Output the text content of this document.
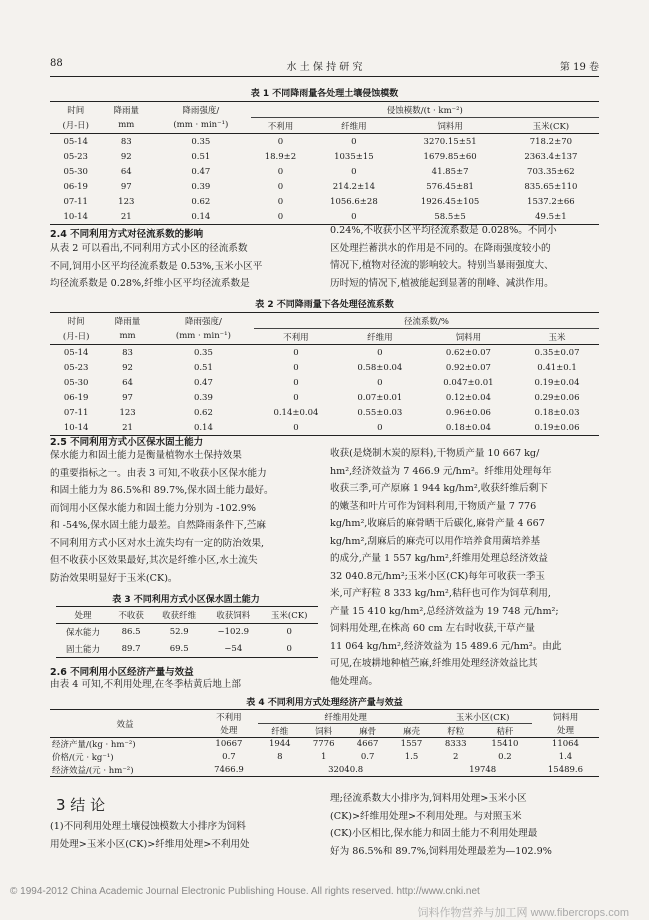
88	水 土 保 持 研 究	第 19 卷
表 1 不同降雨量各处理土壤侵蚀模数
时间	降雨量	降雨强度/	侵蚀模数/(t · km⁻²)			
(月-日)	mm	(mm · min⁻¹)	不利用	纤维用	饲料用	玉米(CK)
05-14	83	0.35	0	0	3270.15±51	718.2±70
05-23	92	0.51	18.9±2	1035±15	1679.85±60	2363.4±137
05-30	64	0.47	0	0	41.85±7	703.35±62
06-19	97	0.39	0	214.2±14	576.45±81	835.65±110
07-11	123	0.62	0	1056.6±28	1926.45±105	1537.2±66
10-14	21	0.14	0	0	58.5±5	49.5±1
2.4 不同利用方式对径流系数的影响

从表 2 可以看出,不同利用方式小区的径流系数

不同,饲用小区平均径流系数是 0.53%,玉米小区平

均径流系数是 0.28%,纤维小区平均径流系数是

0.24%,不收获小区平均径流系数是 0.028%。不同小

区处理拦蓄洪水的作用是不同的。在降雨强度较小的

情况下,植物对径流的影响较大。特别当暴雨强度大、

历时短的情况下,植被能起到显著的削峰、减洪作用。

表 2 不同降雨量下各处理径流系数
时间	降雨量	降雨强度/	径流系数/%			
(月-日)	mm	(mm · min⁻¹)	不利用	纤维用	饲料用	玉米
05-14	83	0.35	0	0	0.62±0.07	0.35±0.07
05-23	92	0.51	0	0.58±0.04	0.92±0.07	0.41±0.1
05-30	64	0.47	0	0	0.047±0.01	0.19±0.04
06-19	97	0.39	0	0.07±0.01	0.12±0.04	0.29±0.06
07-11	123	0.62	0.14±0.04	0.55±0.03	0.96±0.06	0.18±0.03
10-14	21	0.14	0	0	0.18±0.04	0.19±0.06
2.5 不同利用方式小区保水固土能力

保水能力和固土能力是衡量植物水土保持效果

的重要指标之一。由表 3 可知,不收获小区保水能力

和固土能力为 86.5%和 89.7%,保水固土能力最好。

而饲用小区保水能力和固土能力分别为 -102.9%

和 -54%,保水固土能力最差。自然降雨条件下,苎麻

不同利用方式小区对水土流失均有一定的防治效果,

但不收获小区效果最好,其次是纤维小区,水土流失

防治效果明显好于玉米(CK)。

表 3 不同利用方式小区保水固土能力
处理	不收获	收获纤维	收获饲料	玉米(CK)
保水能力	86.5	52.9	−102.9	0
固土能力	89.7	69.5	−54	0
2.6 不同利用小区经济产量与效益

由表 4 可知,不利用处理,在冬季枯黄后地上部

收获(是烧制木炭的原料),干物质产量 10 667 kg/

hm²,经济效益为 7 466.9 元/hm²。纤维用处理每年

收获三季,可产原麻 1 944 kg/hm²,收获纤维后剩下

的嫩茎和叶片可作为饲料利用,干物质产量 7 776

kg/hm²,收麻后的麻骨晒干后碳化,麻骨产量 4 667

kg/hm²,刮麻后的麻壳可以用作培养食用菌培养基

的成分,产量 1 557 kg/hm²,纤维用处理总经济效益

32 040.8元/hm²;玉米小区(CK)每年可收获一季玉

米,可产籽粒 8 333 kg/hm²,秸秆也可作为饲草利用,

产量 15 410 kg/hm²,总经济效益为 19 748 元/hm²;

饲料用处理,在株高 60 cm 左右时收获,干草产量

11 064 kg/hm²,经济效益为 15 489.6 元/hm²。由此

可见,在坡耕地种植苎麻,纤维用处理经济效益比其

他处理高。

表 4 不同利用方式处理经济产量与效益
效益	不利用	纤维用处理				玉米小区(CK)		饲料用
	处理	纤维	饲料	麻骨	麻壳	籽粒	秸秆	处理
经济产量/(kg · hm⁻²)	10667	1944	7776	4667	1557	8333	15410	11064
价格/(元 · kg⁻¹)	0.7	8	1	0.7	1.5	2	0.2	1.4
经济效益/(元 · hm⁻²)	7466.9	32040.8				19748		15489.6
3 结 论

(1)不同利用处理土壤侵蚀模数大小排序为饲料

用处理>玉米小区(CK)>纤维用处理>不利用处

理;径流系数大小排序为,饲料用处理>玉米小区

(CK)>纤维用处理>不利用处理。与对照玉米

(CK)小区相比,保水能力和固土能力不利用处理最

好为 86.5%和 89.7%,饲料用处理最差为—102.9%

© 1994-2012 China Academic Journal Electronic Publishing House. All rights reserved. http://www.cnki.net
饲料作物营养与加工网 www.fibercrops.com
